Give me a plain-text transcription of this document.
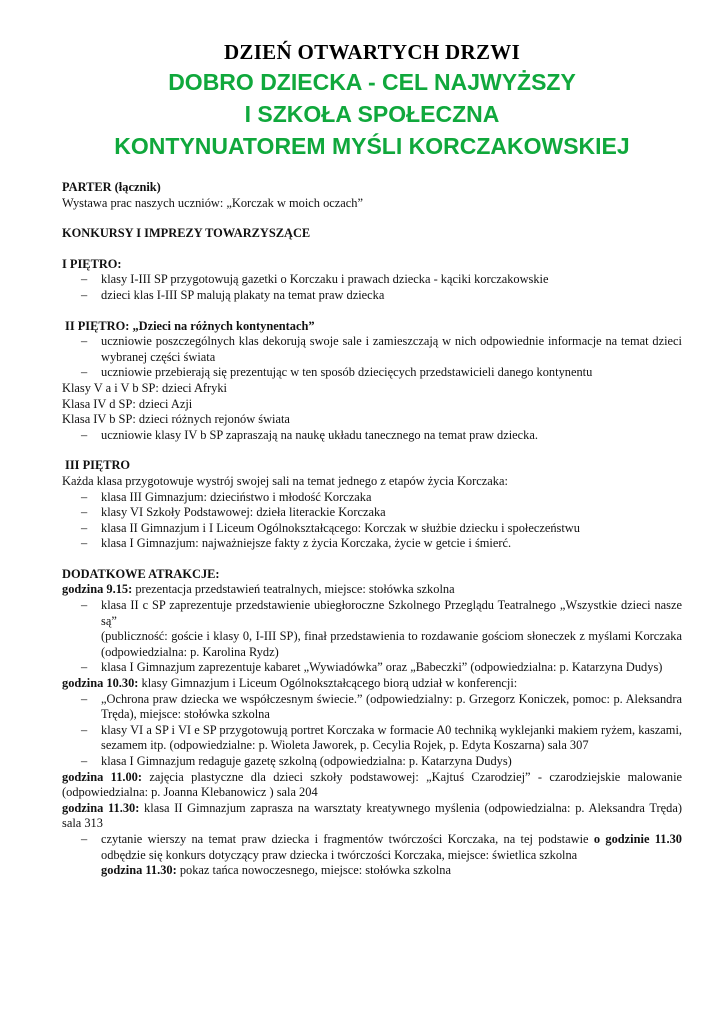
DZIEŃ OTWARTYCH DRZWI
DOBRO DZIECKA - CEL NAJWYŻSZY
I SZKOŁA SPOŁECZNA
KONTYNUATOREM MYŚLI KORCZAKOWSKIEJ

PARTER (łącznik)

Wystawa prac naszych uczniów: „Korczak w moich oczach”

KONKURSY I IMPREZY TOWARZYSZĄCE

I PIĘTRO:

– klasy I-III SP przygotowują gazetki o Korczaku i prawach dziecka - kąciki korczakowskie
– dzieci klas I-III SP malują plakaty na temat praw dziecka

II PIĘTRO: „Dzieci na różnych kontynentach”

– uczniowie poszczególnych klas dekorują swoje sale i zamieszczają w nich odpowiednie informacje na temat dzieci wybranej części świata
– uczniowie przebierają się prezentując w ten sposób dziecięcych przedstawicieli danego kontynentu

Klasy V a i V b SP: dzieci Afryki

Klasa IV d SP: dzieci Azji

Klasa IV b SP: dzieci różnych rejonów świata

– uczniowie klasy IV b SP zapraszają na naukę układu tanecznego na temat praw dziecka.

III PIĘTRO

Każda klasa przygotowuje wystrój swojej sali na temat jednego z etapów życia Korczaka:

– klasa III Gimnazjum: dzieciństwo i młodość Korczaka
– klasy VI Szkoły Podstawowej: dzieła literackie Korczaka
– klasa II Gimnazjum i I Liceum Ogólnokształcącego: Korczak w służbie dziecku i społeczeństwu
– klasa I Gimnazjum: najważniejsze fakty z życia Korczaka, życie w getcie i śmierć.

DODATKOWE ATRAKCJE:

godzina 9.15: prezentacja przedstawień teatralnych, miejsce: stołówka szkolna

– klasa II c SP zaprezentuje przedstawienie ubiegłoroczne Szkolnego Przeglądu Teatralnego „Wszystkie dzieci nasze są”

(publiczność: goście i klasy 0, I-III SP), finał przedstawienia to rozdawanie gościom słoneczek z myślami Korczaka (odpowiedzialna: p. Karolina Rydz)

– klasa I Gimnazjum zaprezentuje kabaret „Wywiadówka” oraz „Babeczki” (odpowiedzialna: p. Katarzyna Dudys)

godzina 10.30: klasy Gimnazjum i Liceum Ogólnokształcącego biorą udział w konferencji:

– „Ochrona praw dziecka we współczesnym świecie.” (odpowiedzialny: p. Grzegorz Koniczek, pomoc: p. Aleksandra Tręda), miejsce: stołówka szkolna
– klasy VI a SP i VI e SP przygotowują portret Korczaka w formacie A0 techniką wyklejanki makiem ryżem, kaszami, sezamem itp. (odpowiedzialne: p. Wioleta Jaworek, p. Cecylia Rojek, p. Edyta Koszarna) sala 307
– klasa I Gimnazjum redaguje gazetę szkolną (odpowiedzialna: p. Katarzyna Dudys)

godzina 11.00: zajęcia plastyczne dla dzieci szkoły podstawowej: „Kajtuś Czarodziej” - czarodziejskie malowanie (odpowiedzialna: p. Joanna Klebanowicz ) sala 204

godzina 11.30: klasa II Gimnazjum zaprasza na warsztaty kreatywnego myślenia (odpowiedzialna: p. Aleksandra Tręda) sala 313

– czytanie wierszy na temat praw dziecka i fragmentów twórczości Korczaka, na tej podstawie o godzinie 11.30 odbędzie się konkurs dotyczący praw dziecka i twórczości Korczaka, miejsce: świetlica szkolna

godzina 11.30: pokaz tańca nowoczesnego, miejsce: stołówka szkolna
